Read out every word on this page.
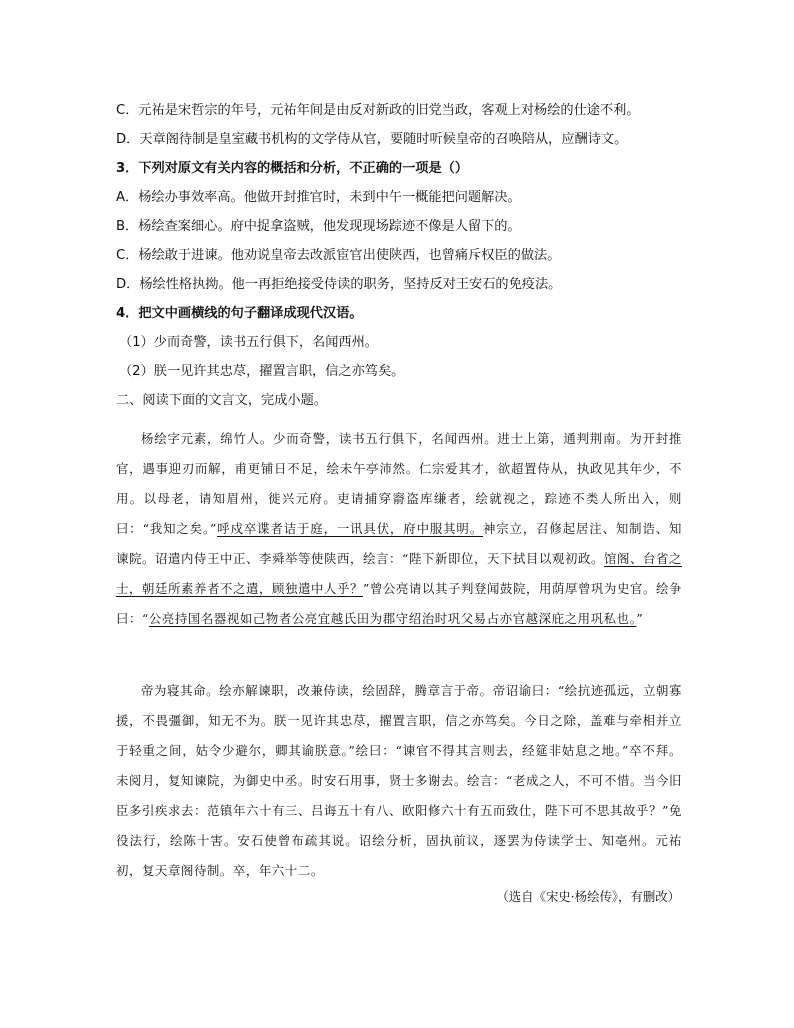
C．元祐是宋哲宗的年号，元祐年间是由反对新政的旧党当政，客观上对杨绘的仕途不利。
D．天章阁待制是皇室藏书机构的文学侍从官，要随时听候皇帝的召唤陪从，应酬诗文。
3．下列对原文有关内容的概括和分析，不正确的一项是（）
A．杨绘办事效率高。他做开封推官时，未到中午一概能把问题解决。
B．杨绘查案细心。府中捉拿盗贼，他发现现场踪迹不像是人留下的。
C．杨绘敢于进谏。他劝说皇帝去改派宦官出使陕西，也曾痛斥权臣的做法。
D．杨绘性格执拗。他一再拒绝接受侍读的职务，坚持反对王安石的免疫法。
4．把文中画横线的句子翻译成现代汉语。
（1）少而奇警，读书五行俱下，名闻西州。
（2）朕一见许其忠荩，擢置言职，信之亦笃矣。
二、阅读下面的文言文，完成小题。

杨绘字元素，绵竹人。少而奇警，读书五行俱下，名闻西州。进士上第，通判荆南。为开封推官，遇事迎刃而解，甫更铺日不足，绘未午亭沛然。仁宗爱其才，欲超置侍从，执政见其年少，不用。以母老，请知眉州，徙兴元府。吏请捕穿窬盗库缣者，绘就视之，踪迹不类人所出入，则曰：“我知之矣。”呼戍卒谍者诘于庭，一讯具伏，府中服其明。神宗立，召修起居注、知制诰、知谏院。诏遣内侍王中正、李舜举等使陕西，绘言：“陛下新即位，天下拭目以观初政。馆阁、台省之士，朝廷所素养者不之遣，顾独遣中人乎？”曾公亮请以其子判登闻鼓院，用荫厚曾巩为史官。绘争曰：“公亮持国名器视如己物者公亮宜越氏田为郡守绍治时巩父易占亦官越深庇之用巩私也。”

帝为寝其命。绘亦解谏职，改兼侍读，绘固辞，腾章言于帝。帝诏谕曰：“绘抗迹孤远，立朝寡援，不畏彊御，知无不为。朕一见许其忠荩，擢置言职，信之亦笃矣。今日之除，盖难与牵相并立于轻重之间，姑令少避尔，卿其谕朕意。”绘曰：“谏官不得其言则去，经筵非姑息之地。”卒不拜。未阅月，复知谏院，为御史中丞。时安石用事，贤士多谢去。绘言：“老成之人，不可不惜。当今旧臣多引疾求去：范镇年六十有三、吕诲五十有八、欧阳修六十有五而致仕，陛下可不思其故乎？”免役法行，绘陈十害。安石使曾布疏其说。诏绘分析，固执前议，逐罢为侍读学士、知亳州。元祐初，复天章阁待制。卒，年六十二。

（选自《宋史·杨绘传》，有删改）
